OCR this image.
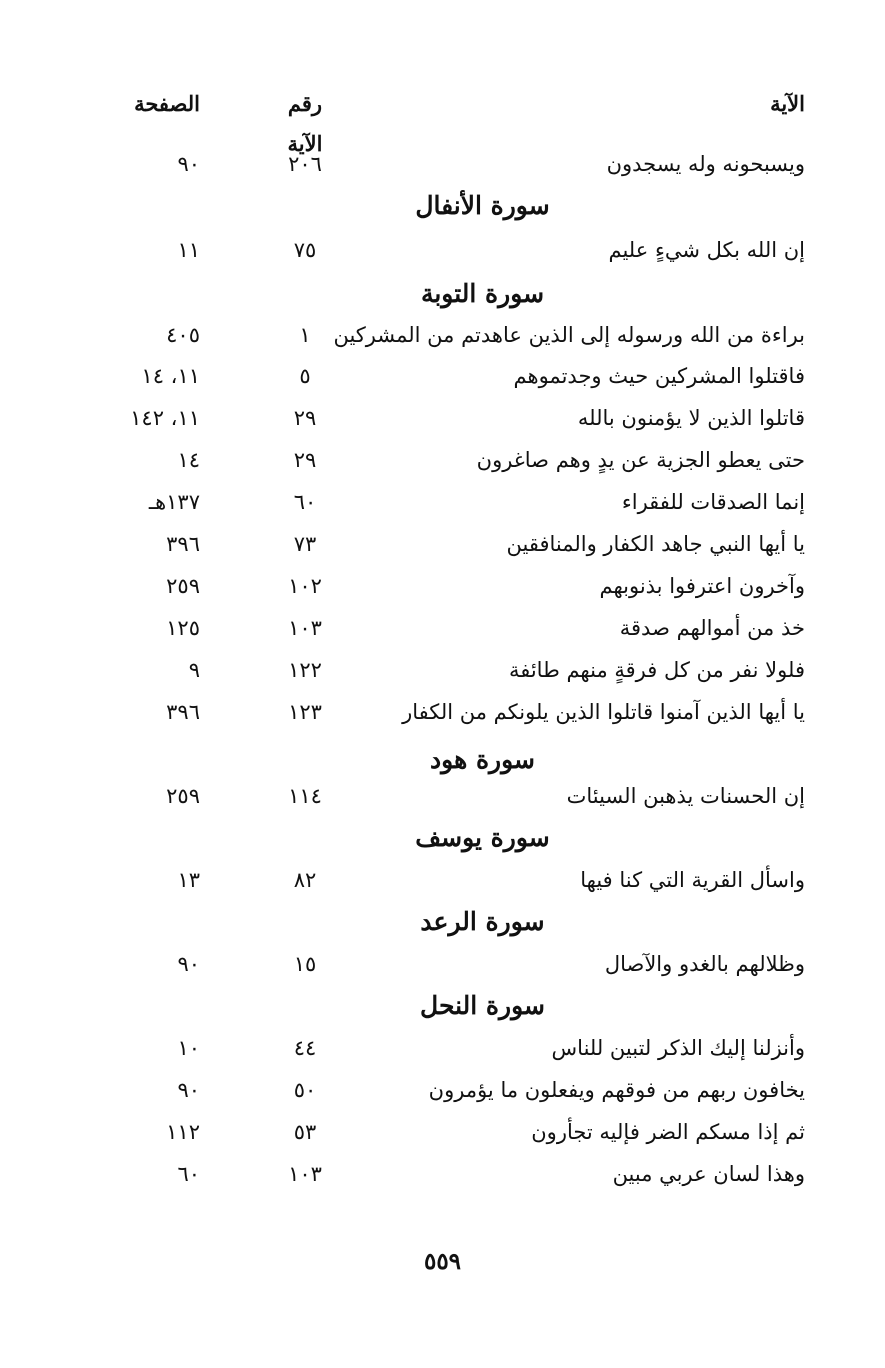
الآية
رقم الآية
الصفحة
ويسبحونه وله يسجدون
٢٠٦
٩٠
سورة الأنفال
إن الله بكل شيءٍ عليم
٧٥
١١
سورة التوبة
براءة من الله ورسوله إلى الذين عاهدتم من المشركين
١
٤٠٥
فاقتلوا المشركين حيث وجدتموهم
٥
١١، ١٤
قاتلوا الذين لا يؤمنون بالله
٢٩
١١، ١٤٢
حتى يعطو الجزية عن يدٍ وهم صاغرون
٢٩
١٤
إنما الصدقات للفقراء
٦٠
١٣٧هـ
يا أيها النبي جاهد الكفار والمنافقين
٧٣
٣٩٦
وآخرون اعترفوا بذنوبهم
١٠٢
٢٥٩
خذ من أموالهم صدقة
١٠٣
١٢٥
فلولا نفر من كل فرقةٍ منهم طائفة
١٢٢
٩
يا أيها الذين آمنوا قاتلوا الذين يلونكم من الكفار
١٢٣
٣٩٦
سورة هود
إن الحسنات يذهبن السيئات
١١٤
٢٥٩
سورة يوسف
واسأل القرية التي كنا فيها
٨٢
١٣
سورة الرعد
وظلالهم بالغدو والآصال
١٥
٩٠
سورة النحل
وأنزلنا إليك الذكر لتبين للناس
٤٤
١٠
يخافون ربهم من فوقهم ويفعلون ما يؤمرون
٥٠
٩٠
ثم إذا مسكم الضر فإليه تجأرون
٥٣
١١٢
وهذا لسان عربي مبين
١٠٣
٦٠
٥٥٩
